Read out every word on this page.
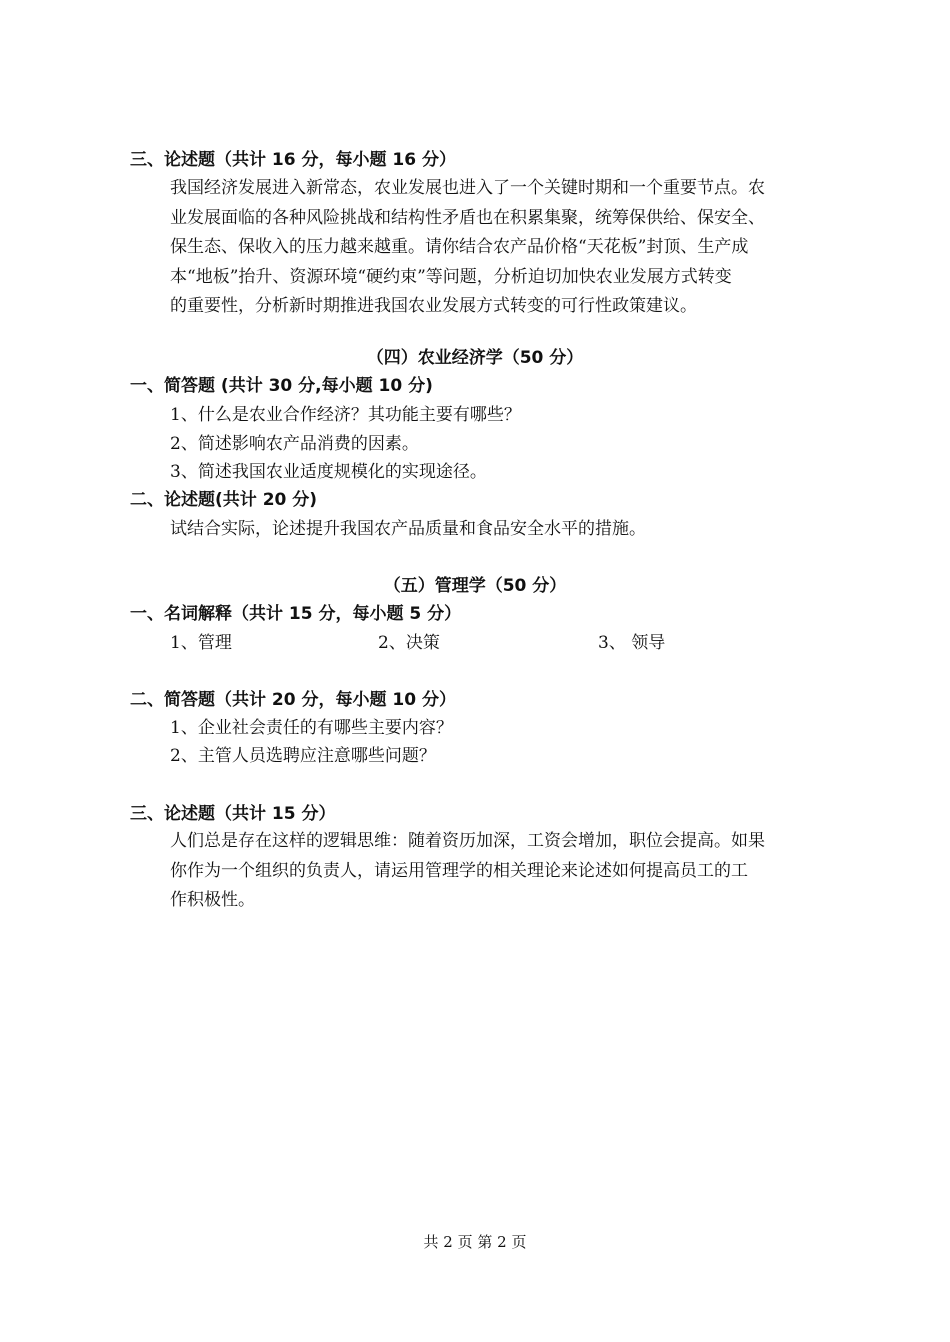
三、论述题（共计 16 分，每小题 16 分）
我国经济发展进入新常态，农业发展也进入了一个关键时期和一个重要节点。农
业发展面临的各种风险挑战和结构性矛盾也在积累集聚，统筹保供给、保安全、
保生态、保收入的压力越来越重。请你结合农产品价格“天花板”封顶、生产成
本“地板”抬升、资源环境“硬约束”等问题，分析迫切加快农业发展方式转变
的重要性，分析新时期推进我国农业发展方式转变的可行性政策建议。
（四）农业经济学（50 分）
一、简答题 (共计 30 分,每小题 10 分)
1、什么是农业合作经济？其功能主要有哪些？
2、简述影响农产品消费的因素。
3、简述我国农业适度规模化的实现途径。
二、论述题(共计 20 分)
试结合实际，论述提升我国农产品质量和食品安全水平的措施。
（五）管理学（50 分）
一、名词解释（共计 15 分，每小题 5 分）
1、管理	2、决策	3、 领导
二、简答题（共计 20 分，每小题 10 分）
1、企业社会责任的有哪些主要内容？
2、主管人员选聘应注意哪些问题？
三、论述题（共计 15 分）
人们总是存在这样的逻辑思维：随着资历加深，工资会增加，职位会提高。如果
你作为一个组织的负责人，请运用管理学的相关理论来论述如何提高员工的工
作积极性。
共 2 页 第 2 页
